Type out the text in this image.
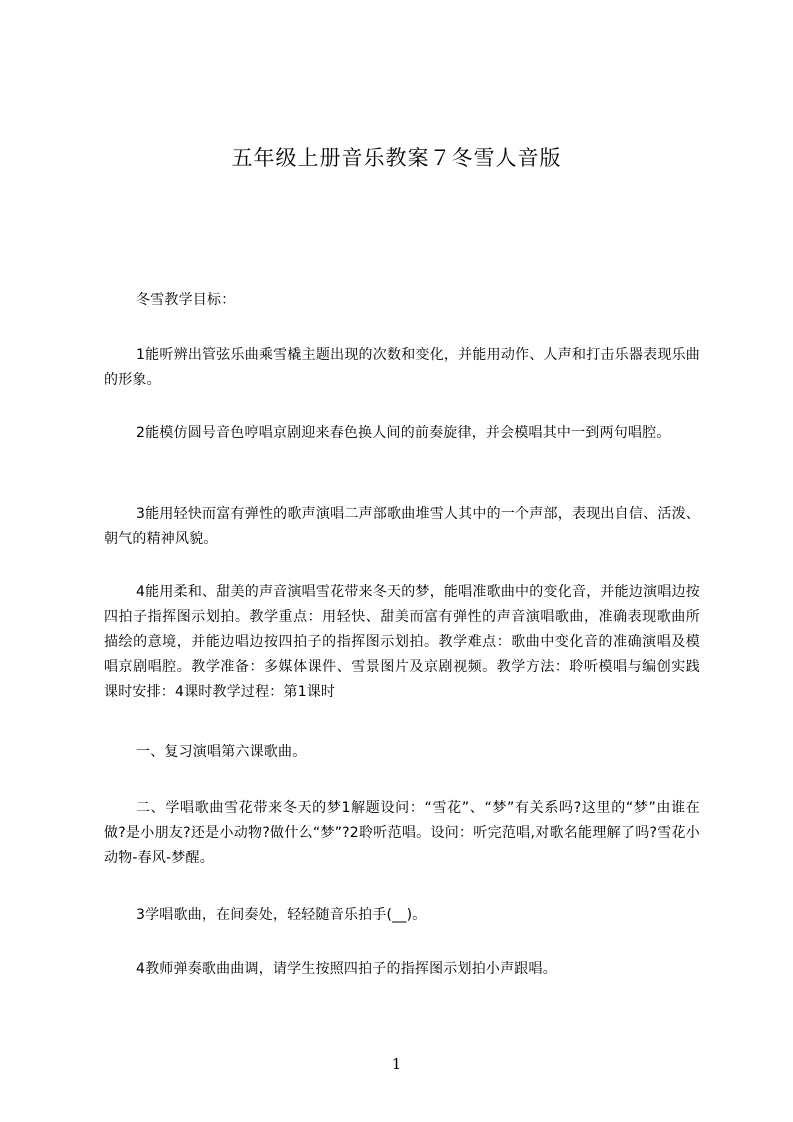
五年级上册音乐教案７冬雪人音版

冬雪教学目标：

1能听辨出管弦乐曲乘雪橇主题出现的次数和变化，并能用动作、人声和打击乐器表现乐曲的形象。

2能模仿圆号音色哼唱京剧迎来春色换人间的前奏旋律，并会模唱其中一到两句唱腔。

3能用轻快而富有弹性的歌声演唱二声部歌曲堆雪人其中的一个声部，表现出自信、活泼、朝气的精神风貌。

4能用柔和、甜美的声音演唱雪花带来冬天的梦，能唱准歌曲中的变化音，并能边演唱边按四拍子指挥图示划拍。教学重点：用轻快、甜美而富有弹性的声音演唱歌曲，准确表现歌曲所描绘的意境，并能边唱边按四拍子的指挥图示划拍。教学难点：歌曲中变化音的准确演唱及模唱京剧唱腔。教学准备：多媒体课件、雪景图片及京剧视频。教学方法：聆听模唱与编创实践课时安排：4课时教学过程：第1课时

一、复习演唱第六课歌曲。

二、学唱歌曲雪花带来冬天的梦1解题设问：“雪花”、“梦”有关系吗?这里的“梦”由谁在做?是小朋友?还是小动物?做什么“梦”?2聆听范唱。设问：听完范唱,对歌名能理解了吗?雪花小动物-春风-梦醒。

3学唱歌曲，在间奏处，轻轻随音乐拍手(__)。

4教师弹奏歌曲曲调，请学生按照四拍子的指挥图示划拍小声跟唱。

1
